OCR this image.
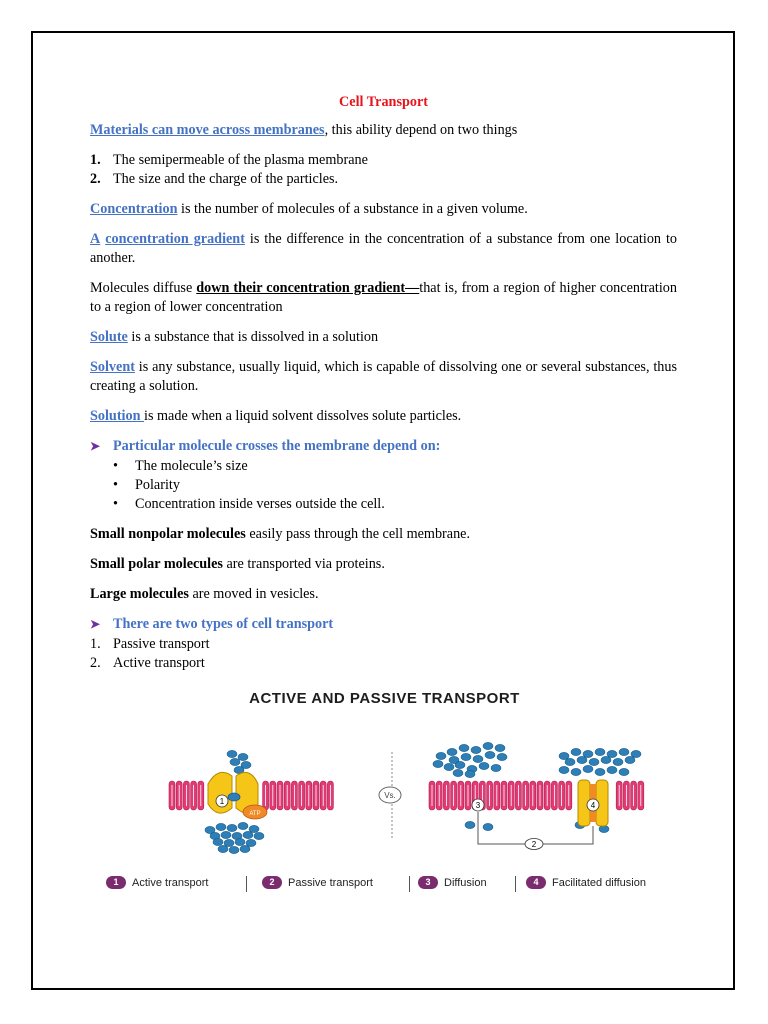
Cell Transport

Materials can move across membranes, this ability depend on two things

1. The semipermeable of the plasma membrane
2. The size and the charge of the particles.

Concentration is the number of molecules of a substance in a given volume.

A concentration gradient is the difference in the concentration of a substance from one location to another.

Molecules diffuse down their concentration gradient—that is, from a region of higher concentration to a region of lower concentration

Solute is a substance that is dissolved in a solution

Solvent is any substance, usually liquid, which is capable of dissolving one or several substances, thus creating a solution.

Solution is made when a liquid solvent dissolves solute particles.

➤ Particular molecule crosses the membrane depend on:
• The molecule’s size
• Polarity
• Concentration inside verses outside the cell.

Small nonpolar molecules easily pass through the cell membrane.

Small polar molecules are transported via proteins.

Large molecules are moved in vesicles.

➤ There are two types of cell transport
1. Passive transport
2. Active transport
ACTIVE AND PASSIVE TRANSPORT
1
ATP
Vs.
3	4
2
1	Active transport	2	Passive transport	3	Diffusion	4	Facilitated diffusion
